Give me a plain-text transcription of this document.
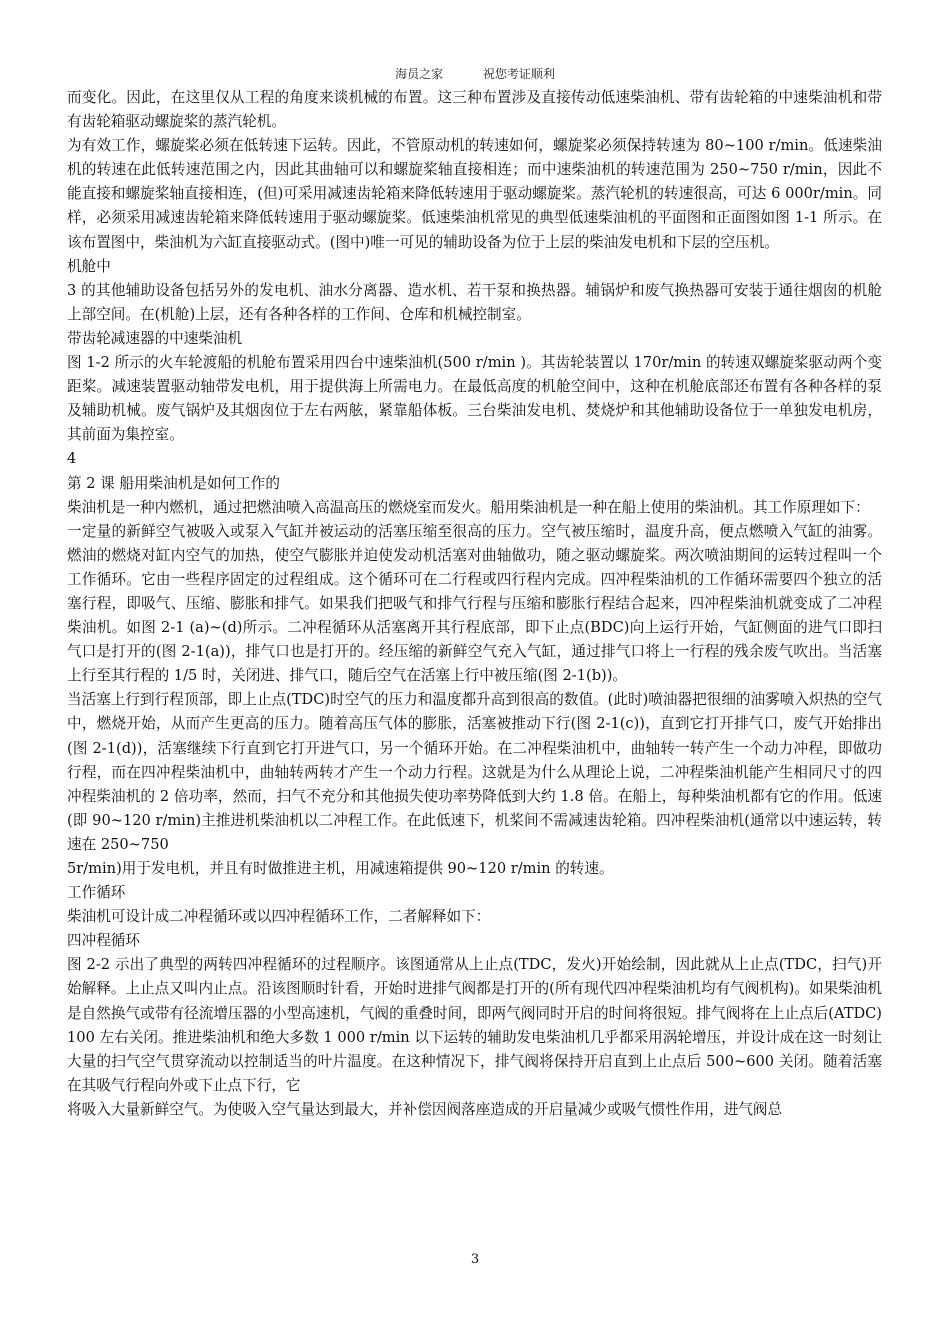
海员之家	祝您考证顺利

而变化。因此，在这里仅从工程的角度来谈机械的布置。这三种布置涉及直接传动低速柴油机、带有齿轮箱的中速柴油机和带有齿轮箱驱动螺旋桨的蒸汽轮机。

为有效工作，螺旋桨必须在低转速下运转。因此，不管原动机的转速如何，螺旋桨必须保持转速为 80~100 r/min。低速柴油机的转速在此低转速范围之内，因此其曲轴可以和螺旋桨轴直接相连；而中速柴油机的转速范围为 250~750 r/min，因此不能直接和螺旋桨轴直接相连，(但)可采用减速齿轮箱来降低转速用于驱动螺旋桨。蒸汽轮机的转速很高，可达 6 000r/min。同样，必须采用减速齿轮箱来降低转速用于驱动螺旋桨。低速柴油机常见的典型低速柴油机的平面图和正面图如图 1-1 所示。在该布置图中，柴油机为六缸直接驱动式。(图中)唯一可见的辅助设备为位于上层的柴油发电机和下层的空压机。

机舱中

3 的其他辅助设备包括另外的发电机、油水分离器、造水机、若干泵和换热器。辅锅炉和废气换热器可安装于通往烟囱的机舱上部空间。在(机舱)上层，还有各种各样的工作间、仓库和机械控制室。

带齿轮减速器的中速柴油机

图 1-2 所示的火车轮渡船的机舱布置采用四台中速柴油机(500 r/min )。其齿轮装置以 170r/min 的转速双螺旋桨驱动两个变距桨。减速装置驱动轴带发电机，用于提供海上所需电力。在最低高度的机舱空间中，这种在机舱底部还布置有各种各样的泵及辅助机械。废气锅炉及其烟囱位于左右两舷，紧靠船体板。三台柴油发电机、焚烧炉和其他辅助设备位于一单独发电机房，其前面为集控室。

4

第 2 课 船用柴油机是如何工作的

柴油机是一种内燃机，通过把燃油喷入高温高压的燃烧室而发火。船用柴油机是一种在船上使用的柴油机。其工作原理如下：

一定量的新鲜空气被吸入或泵入气缸并被运动的活塞压缩至很高的压力。空气被压缩时，温度升高，便点燃喷入气缸的油雾。燃油的燃烧对缸内空气的加热，使空气膨胀并迫使发动机活塞对曲轴做功，随之驱动螺旋桨。两次喷油期间的运转过程叫一个工作循环。它由一些程序固定的过程组成。这个循环可在二行程或四行程内完成。四冲程柴油机的工作循环需要四个独立的活塞行程，即吸气、压缩、膨胀和排气。如果我们把吸气和排气行程与压缩和膨胀行程结合起来，四冲程柴油机就变成了二冲程柴油机。如图 2-1 (a)~(d)所示。二冲程循环从活塞离开其行程底部，即下止点(BDC)向上运行开始，气缸侧面的进气口即扫气口是打开的(图 2-1(a))，排气口也是打开的。经压缩的新鲜空气充入气缸，通过排气口将上一行程的残余废气吹出。当活塞上行至其行程的 1/5 时，关闭进、排气口，随后空气在活塞上行中被压缩(图 2-1(b))。

当活塞上行到行程顶部，即上止点(TDC)时空气的压力和温度都升高到很高的数值。(此时)喷油器把很细的油雾喷入炽热的空气中，燃烧开始，从而产生更高的压力。随着高压气体的膨胀，活塞被推动下行(图 2-1(c))，直到它打开排气口，废气开始排出(图 2-1(d))，活塞继续下行直到它打开进气口，另一个循环开始。在二冲程柴油机中，曲轴转一转产生一个动力冲程，即做功行程，而在四冲程柴油机中，曲轴转两转才产生一个动力行程。这就是为什么从理论上说，二冲程柴油机能产生相同尺寸的四冲程柴油机的 2 倍功率，然而，扫气不充分和其他损失使功率势降低到大约 1.8 倍。在船上，每种柴油机都有它的作用。低速(即 90~120 r/min)主推进机柴油机以二冲程工作。在此低速下，机桨间不需减速齿轮箱。四冲程柴油机(通常以中速运转，转速在 250~750

5r/min)用于发电机，并且有时做推进主机，用减速箱提供 90~120 r/min 的转速。

工作循环

柴油机可设计成二冲程循环或以四冲程循环工作，二者解释如下：

四冲程循环

图 2-2 示出了典型的两转四冲程循环的过程顺序。该图通常从上止点(TDC，发火)开始绘制，因此就从上止点(TDC，扫气)开始解释。上止点又叫内止点。沿该图顺时针看，开始时进排气阀都是打开的(所有现代四冲程柴油机均有气阀机构)。如果柴油机是自然换气或带有径流增压器的小型高速机，气阀的重叠时间，即两气阀同时开启的时间将很短。排气阀将在上止点后(ATDC) 100 左右关闭。推进柴油机和绝大多数 1 000 r/min 以下运转的辅助发电柴油机几乎都采用涡轮增压，并设计成在这一时刻让大量的扫气空气贯穿流动以控制适当的叶片温度。在这种情况下，排气阀将保持开启直到上止点后 500~600 关闭。随着活塞在其吸气行程向外或下止点下行，它

将吸入大量新鲜空气。为使吸入空气量达到最大，并补偿因阀落座造成的开启量减少或吸气惯性作用，进气阀总

3
